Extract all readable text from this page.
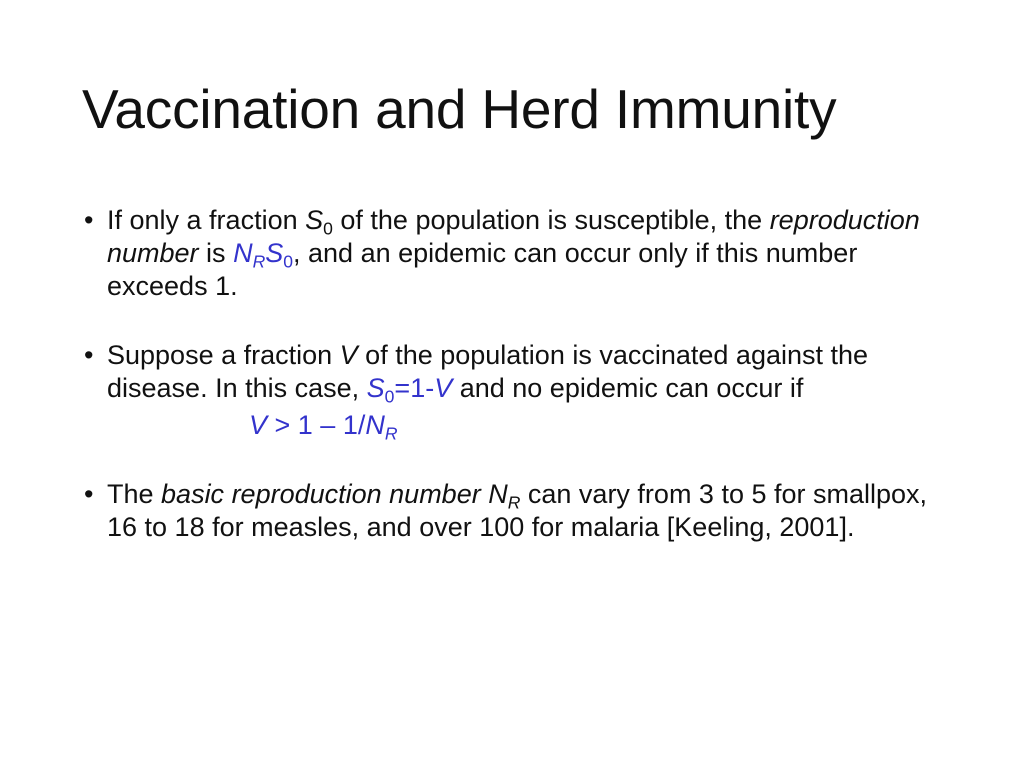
Vaccination and Herd Immunity
• If only a fraction $S_0$ of the population is susceptible, the reproduction number is $N_RS_0$, and an epidemic can occur only if this number exceeds 1.
• Suppose a fraction V of the population is vaccinated against the disease. In this case, $S_0=1-V$ and no epidemic can occur if
$V > 1 - 1/N_R$
• The basic reproduction number $N_R$ can vary from 3 to 5 for smallpox, 16 to 18 for measles, and over 100 for malaria [Keeling, 2001].
